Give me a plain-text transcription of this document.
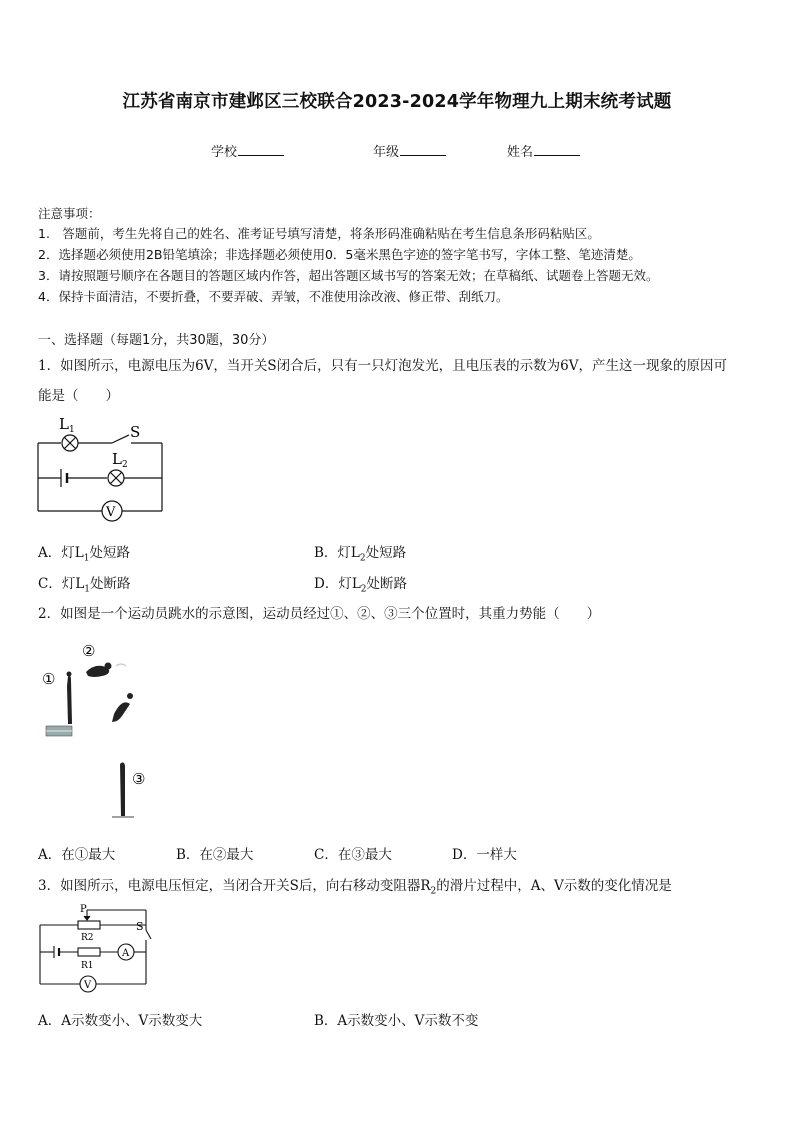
江苏省南京市建邺区三校联合2023-2024学年物理九上期末统考试题
学校	年级	姓名
注意事项：
1.　答题前，考生先将自己的姓名、准考证号填写清楚，将条形码准确粘贴在考生信息条形码粘贴区。
2．选择题必须使用2B铅笔填涂；非选择题必须使用0．5毫米黑色字迹的签字笔书写，字体工整、笔迹清楚。
3．请按照题号顺序在各题目的答题区域内作答，超出答题区域书写的答案无效；在草稿纸、试题卷上答题无效。
4．保持卡面清洁，不要折叠，不要弄破、弄皱，不准使用涂改液、修正带、刮纸刀。
一、选择题（每题1分，共30题，30分）
1．如图所示，电源电压为6V，当开关S闭合后，只有一只灯泡发光，且电压表的示数为6V，产生这一现象的原因可
能是（　　）
$L_1$	S
$L_2$
V
A．灯$L_1$处短路	B．灯$L_2$处短路
C．灯$L_1$处断路	D．灯$L_2$处断路
2．如图是一个运动员跳水的示意图，运动员经过①、②、③三个位置时，其重力势能（　　）
①
②
③
A．在①最大	B．在②最大	C．在③最大	D．一样大
3．如图所示，电源电压恒定，当闭合开关S后，向右移动变阻器$R_2$的滑片过程中，A、V示数的变化情况是
P
R2
R1
S
A
V
A．A示数变小、V示数变大	B．A示数变小、V示数不变
